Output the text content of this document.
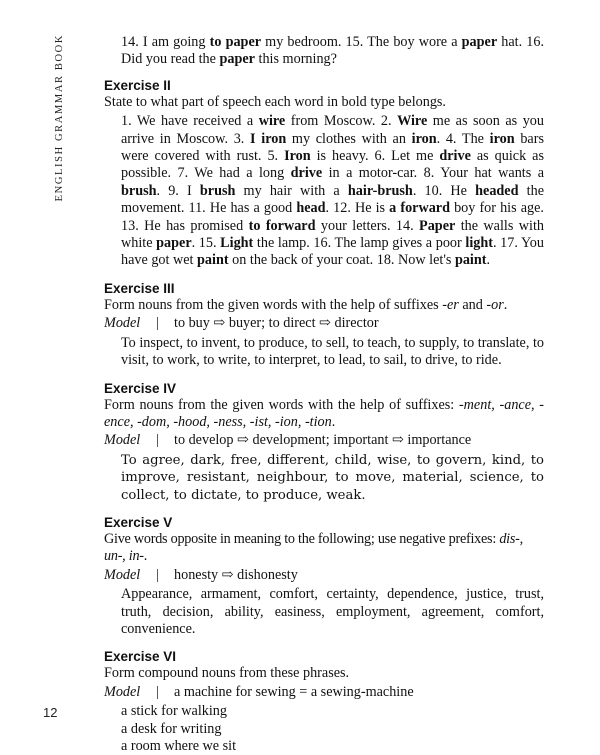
ENGLISH GRAMMAR BOOK	14. I am going to paper my bedroom. 15. The boy wore a paper hat. 16. Did you read the paper this morning?

Exercise II

State to what part of speech each word in bold type belongs.

1. We have received a wire from Moscow. 2. Wire me as soon as you arrive in Moscow. 3. I iron my clothes with an iron. 4. The iron bars were covered with rust. 5. Iron is heavy. 6. Let me drive as quick as possible. 7. We had a long drive in a motor-car. 8. Your hat wants a brush. 9. I brush my hair with a hair-brush. 10. He headed the movement. 11. He has a good head. 12. He is a forward boy for his age. 13. He has promised to forward your letters. 14. Paper the walls with white paper. 15. Light the lamp. 16. The lamp gives a poor light. 17. You have got wet paint on the back of your coat. 18. Now let's paint.

Exercise III

Form nouns from the given words with the help of suffixes -er and -or.

Model	|	to buy ⇨ buyer; to direct ⇨ director

To inspect, to invent, to produce, to sell, to teach, to supply, to translate, to visit, to work, to write, to interpret, to lead, to sail, to drive, to ride.

Exercise IV

Form nouns from the given words with the help of suffixes: -ment, -ance, -ence, -dom, -hood, -ness, -ist, -ion, -tion.

Model	|	to develop ⇨ development; important ⇨ importance

To agree, dark, free, different, child, wise, to govern, kind, to improve, resistant, neighbour, to move, material, science, to collect, to dictate, to produce, weak.

Exercise V

Give words opposite in meaning to the following; use negative prefixes: dis-, un-, in-.

Model	|	honesty ⇨ dishonesty

Appearance, armament, comfort, certainty, dependence, justice, trust, truth, decision, ability, easiness, employment, agreement, comfort, convenience.

Exercise VI

Form compound nouns from these phrases.

Model	|	a machine for sewing = a sewing-machine
a stick for walking
a desk for writing
a room where we sit
12
